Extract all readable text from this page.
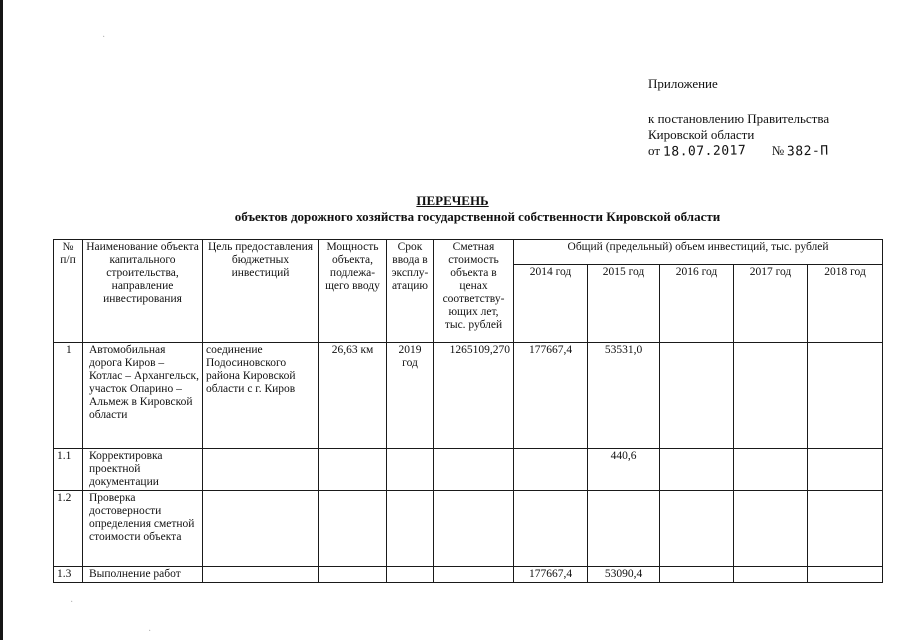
·
·
·
Приложение
к постановлению Правительства
Кировской области
от 18.07.2017 № 382-П
ПЕРЕЧЕНЬ
объектов дорожного хозяйства государственной собственности Кировской области
№ п/п	Наименование объекта капитального строительства, направление инвестирования	Цель предоставления бюджетных инвестиций	Мощность объекта, подлежа-щего вводу	Срок ввода в эксплу-атацию	Сметная стоимость объекта в ценах соответству-ющих лет, тыс. рублей	Общий (предельный) объем инвестиций, тыс. рублей				
						2014 год	2015 год	2016 год	2017 год	2018 год
1	Автомобильная дорога Киров – Котлас – Архангельск, участок Опарино – Альмеж в Кировской области	соединение Подосиновского района Кировской области с г. Киров	26,63 км	2019 год	1265109,270	177667,4	53531,0			
1.1	Корректировка проектной документации						440,6			
1.2	Проверка достоверности определения сметной стоимости объекта									
1.3	Выполнение работ					177667,4	53090,4			
